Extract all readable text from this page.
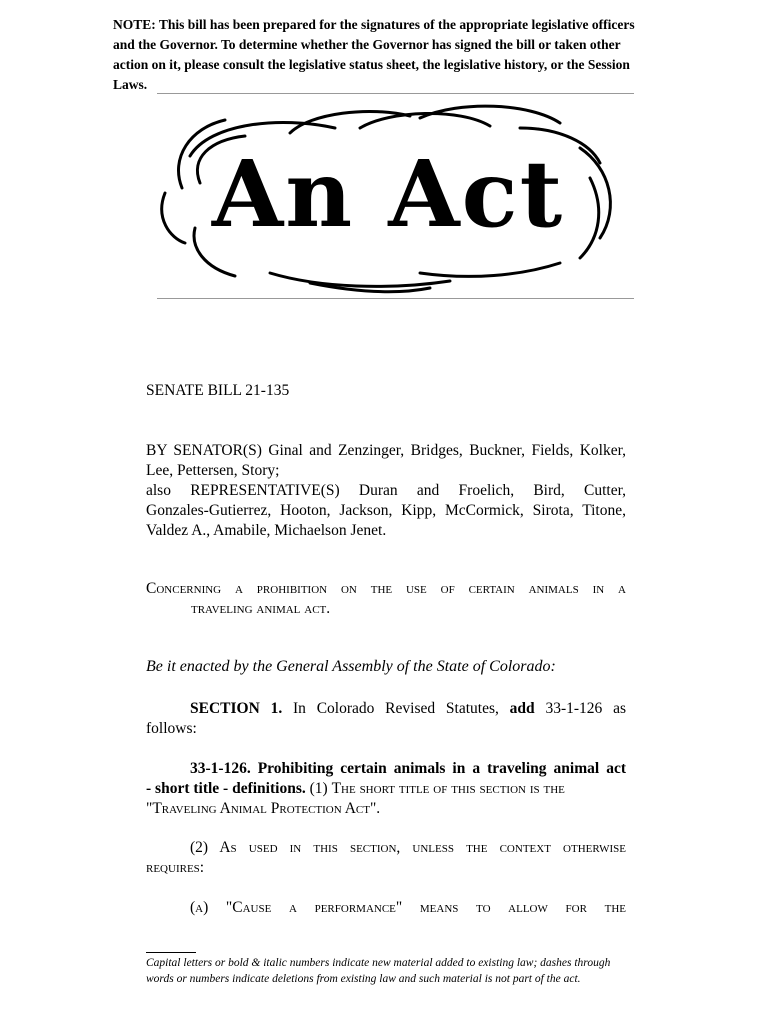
NOTE: This bill has been prepared for the signatures of the appropriate legislative officers and the Governor. To determine whether the Governor has signed the bill or taken other action on it, please consult the legislative status sheet, the legislative history, or the Session Laws.
An Act
SENATE BILL 21-135
BY SENATOR(S) Ginal and Zenzinger, Bridges, Buckner, Fields, Kolker,
Lee, Pettersen, Story;
also REPRESENTATIVE(S) Duran and Froelich, Bird, Cutter,
Gonzales-Gutierrez, Hooton, Jackson, Kipp, McCormick, Sirota, Titone,
Valdez A., Amabile, Michaelson Jenet.
Concerning a prohibition on the use of certain animals in a
traveling animal act.
Be it enacted by the General Assembly of the State of Colorado:
SECTION 1. In Colorado Revised Statutes, add 33-1-126 as
follows:
33-1-126. Prohibiting certain animals in a traveling animal act
- short title - definitions. (1) The short title of this section is the
"Traveling Animal Protection Act".
(2) As used in this section, unless the context otherwise
requires:
(a) "Cause a performance" means to allow for the
Capital letters or bold & italic numbers indicate new material added to existing law; dashes through words or numbers indicate deletions from existing law and such material is not part of the act.
